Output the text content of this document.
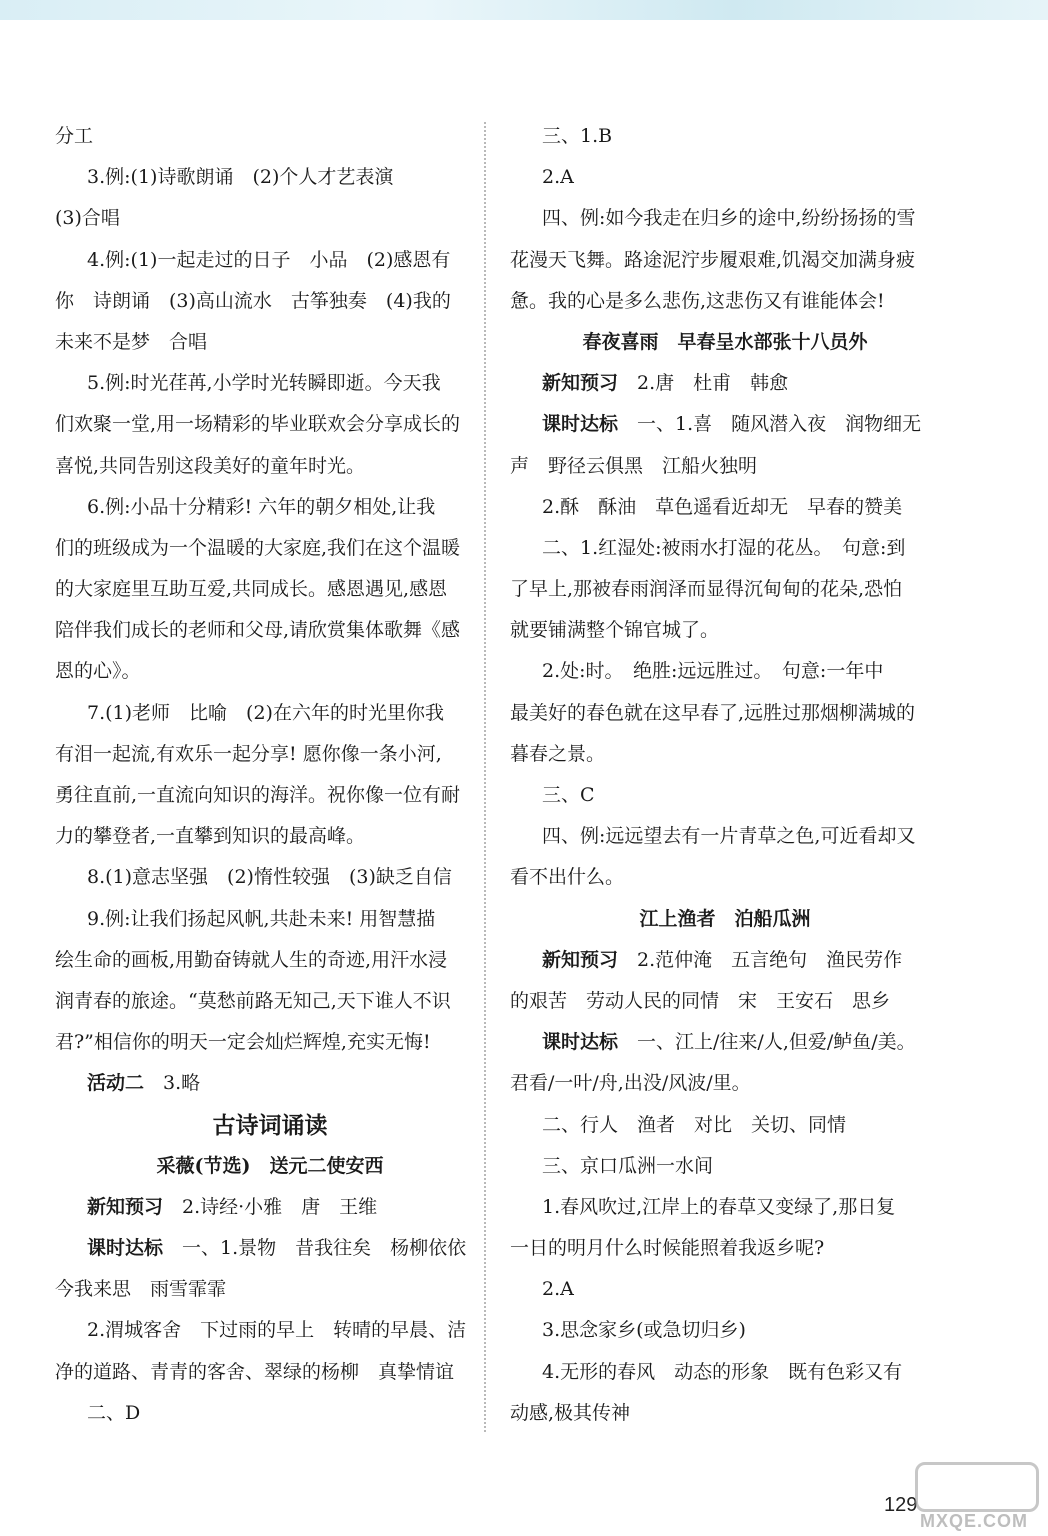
分工
3.例:(1)诗歌朗诵　(2)个人才艺表演
(3)合唱
4.例:(1)一起走过的日子　小品　(2)感恩有
你　诗朗诵　(3)高山流水　古筝独奏　(4)我的
未来不是梦　合唱
5.例:时光荏苒,小学时光转瞬即逝。今天我
们欢聚一堂,用一场精彩的毕业联欢会分享成长的
喜悦,共同告别这段美好的童年时光。
6.例:小品十分精彩! 六年的朝夕相处,让我
们的班级成为一个温暖的大家庭,我们在这个温暖
的大家庭里互助互爱,共同成长。感恩遇见,感恩
陪伴我们成长的老师和父母,请欣赏集体歌舞《感
恩的心》。
7.(1)老师　比喻　(2)在六年的时光里你我
有泪一起流,有欢乐一起分享! 愿你像一条小河,
勇往直前,一直流向知识的海洋。祝你像一位有耐
力的攀登者,一直攀到知识的最高峰。
8.(1)意志坚强　(2)惰性较强　(3)缺乏自信
9.例:让我们扬起风帆,共赴未来! 用智慧描
绘生命的画板,用勤奋铸就人生的奇迹,用汗水浸
润青春的旅途。“莫愁前路无知己,天下谁人不识
君?”相信你的明天一定会灿烂辉煌,充实无悔!
活动二　3.略
古诗词诵读
采薇(节选)　送元二使安西
新知预习　2.诗经·小雅　唐　王维
课时达标　一、1.景物　昔我往矣　杨柳依依
今我来思　雨雪霏霏
2.渭城客舍　下过雨的早上　转晴的早晨、洁
净的道路、青青的客舍、翠绿的杨柳　真挚情谊
二、D
三、1.B
2.A
四、例:如今我走在归乡的途中,纷纷扬扬的雪
花漫天飞舞。路途泥泞步履艰难,饥渴交加满身疲
惫。我的心是多么悲伤,这悲伤又有谁能体会!
春夜喜雨　早春呈水部张十八员外
新知预习　2.唐　杜甫　韩愈
课时达标　一、1.喜　随风潜入夜　润物细无
声　野径云俱黑　江船火独明
2.酥　酥油　草色遥看近却无　早春的赞美
二、1.红湿处:被雨水打湿的花丛。　句意:到
了早上,那被春雨润泽而显得沉甸甸的花朵,恐怕
就要铺满整个锦官城了。
2.处:时。　绝胜:远远胜过。　句意:一年中
最美好的春色就在这早春了,远胜过那烟柳满城的
暮春之景。
三、C
四、例:远远望去有一片青草之色,可近看却又
看不出什么。
江上渔者　泊船瓜洲
新知预习　2.范仲淹　五言绝句　渔民劳作
的艰苦　劳动人民的同情　宋　王安石　思乡
课时达标　一、江上/往来/人,但爱/鲈鱼/美。
君看/一叶/舟,出没/风波/里。
二、行人　渔者　对比　关切、同情
三、京口瓜洲一水间
1.春风吹过,江岸上的春草又变绿了,那日复
一日的明月什么时候能照着我返乡呢?
2.A
3.思念家乡(或急切归乡)
4.无形的春风　动态的形象　既有色彩又有
动感,极其传神
129
MXQE.COM
